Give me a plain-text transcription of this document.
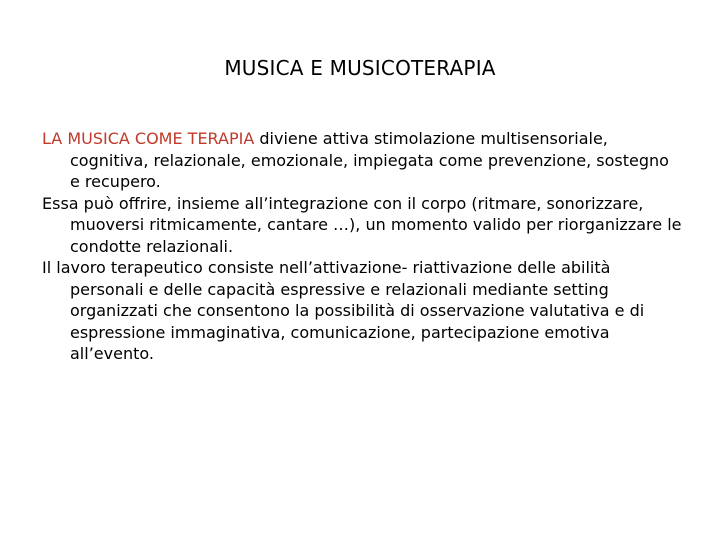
MUSICA E MUSICOTERAPIA

LA MUSICA COME TERAPIA diviene attiva stimolazione multisensoriale, cognitiva, relazionale, emozionale, impiegata come prevenzione, sostegno e recupero.

Essa può offrire, insieme all’integrazione con il corpo (ritmare, sonorizzare, muoversi ritmicamente, cantare …), un momento valido per riorganizzare le condotte relazionali.

Il lavoro terapeutico consiste nell’attivazione- riattivazione delle abilità personali e delle capacità espressive e relazionali mediante setting organizzati che consentono la possibilità di osservazione valutativa e di espressione immaginativa, comunicazione, partecipazione emotiva all’evento.
